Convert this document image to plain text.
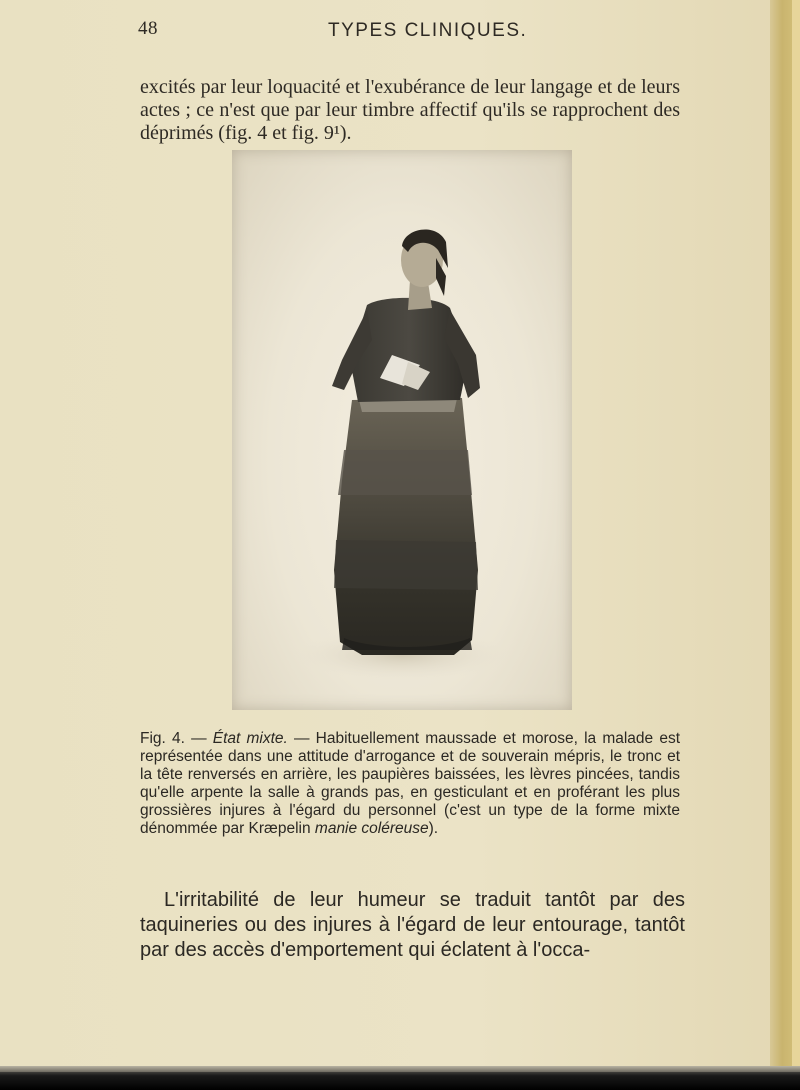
48	TYPES CLINIQUES.

excités par leur loquacité et l'exubérance de leur langage et de leurs actes ; ce n'est que par leur timbre affectif qu'ils se rapprochent des déprimés (fig. 4 et fig. 9¹).

Fig. 4. — État mixte. — Habituellement maussade et morose, la malade est représentée dans une attitude d'arrogance et de souverain mépris, le tronc et la tête renversés en arrière, les paupières baissées, les lèvres pincées, tandis qu'elle arpente la salle à grands pas, en gesticulant et en proférant les plus grossières injures à l'égard du personnel (c'est un type de la forme mixte dénommée par Kræpelin manie coléreuse).

L'irritabilité de leur humeur se traduit tantôt par des taquineries ou des injures à l'égard de leur entourage, tantôt par des accès d'emportement qui éclatent à l'occa-
